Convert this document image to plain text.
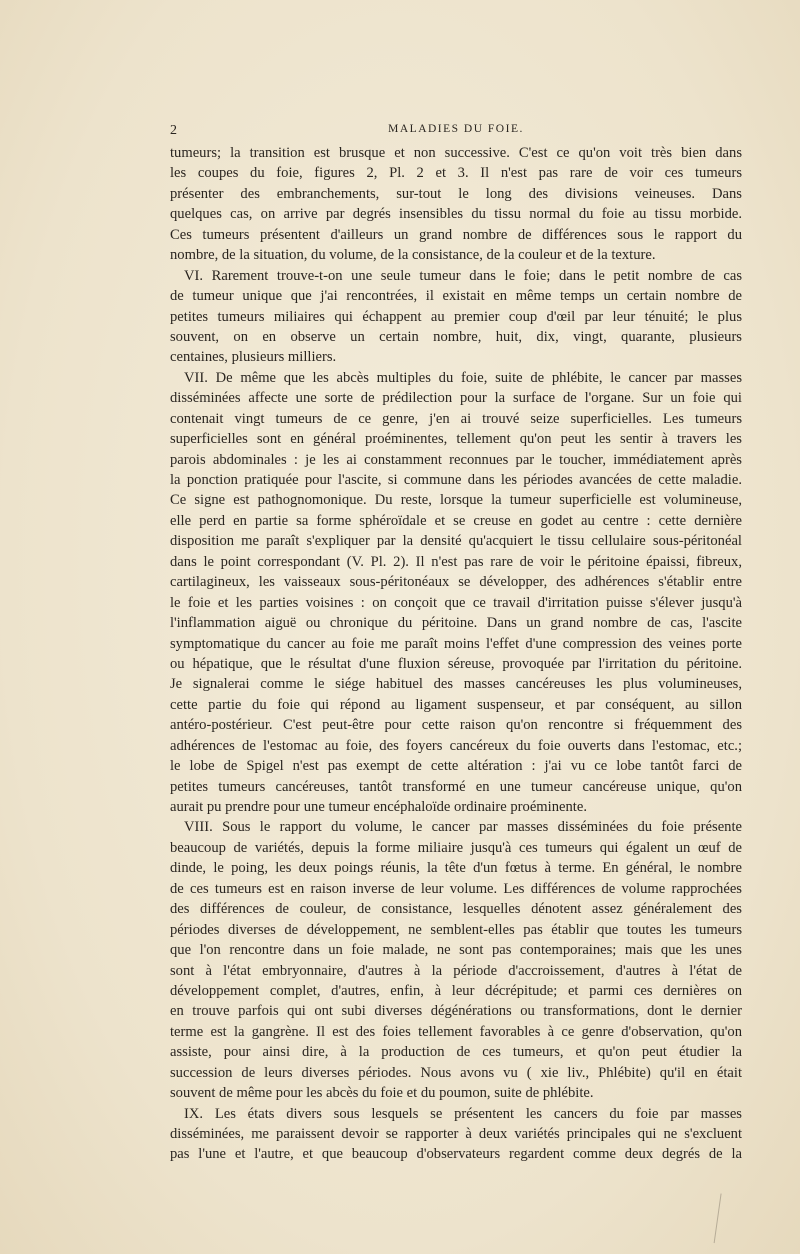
2	MALADIES DU FOIE.
tumeurs; la transition est brusque et non successive. C'est ce qu'on voit très bien dans
les coupes du foie, figures 2, Pl. 2 et 3. Il n'est pas rare de voir ces tumeurs
présenter des embranchements, sur-tout le long des divisions veineuses. Dans
quelques cas, on arrive par degrés insensibles du tissu normal du foie au tissu morbide.
Ces tumeurs présentent d'ailleurs un grand nombre de différences sous le rapport du
nombre, de la situation, du volume, de la consistance, de la couleur et de la texture.
VI. Rarement trouve-t-on une seule tumeur dans le foie; dans le petit nombre de cas
de tumeur unique que j'ai rencontrées, il existait en même temps un certain nombre de
petites tumeurs miliaires qui échappent au premier coup d'œil par leur ténuité; le plus
souvent, on en observe un certain nombre, huit, dix, vingt, quarante, plusieurs
centaines, plusieurs milliers.
VII. De même que les abcès multiples du foie, suite de phlébite, le cancer par masses
disséminées affecte une sorte de prédilection pour la surface de l'organe. Sur un foie qui
contenait vingt tumeurs de ce genre, j'en ai trouvé seize superficielles. Les tumeurs
superficielles sont en général proéminentes, tellement qu'on peut les sentir à travers les
parois abdominales : je les ai constamment reconnues par le toucher, immédiatement après
la ponction pratiquée pour l'ascite, si commune dans les périodes avancées de cette maladie.
Ce signe est pathognomonique. Du reste, lorsque la tumeur superficielle est volumineuse,
elle perd en partie sa forme sphéroïdale et se creuse en godet au centre : cette dernière
disposition me paraît s'expliquer par la densité qu'acquiert le tissu cellulaire sous-péritonéal
dans le point correspondant (V. Pl. 2). Il n'est pas rare de voir le péritoine épaissi, fibreux,
cartilagineux, les vaisseaux sous-péritonéaux se développer, des adhérences s'établir entre
le foie et les parties voisines : on conçoit que ce travail d'irritation puisse s'élever jusqu'à
l'inflammation aiguë ou chronique du péritoine. Dans un grand nombre de cas, l'ascite
symptomatique du cancer au foie me paraît moins l'effet d'une compression des veines porte
ou hépatique, que le résultat d'une fluxion séreuse, provoquée par l'irritation du péritoine.
Je signalerai comme le siége habituel des masses cancéreuses les plus volumineuses,
cette partie du foie qui répond au ligament suspenseur, et par conséquent, au sillon
antéro-postérieur. C'est peut-être pour cette raison qu'on rencontre si fréquemment des
adhérences de l'estomac au foie, des foyers cancéreux du foie ouverts dans l'estomac, etc.;
le lobe de Spigel n'est pas exempt de cette altération : j'ai vu ce lobe tantôt farci de
petites tumeurs cancéreuses, tantôt transformé en une tumeur cancéreuse unique, qu'on
aurait pu prendre pour une tumeur encéphaloïde ordinaire proéminente.
VIII. Sous le rapport du volume, le cancer par masses disséminées du foie présente
beaucoup de variétés, depuis la forme miliaire jusqu'à ces tumeurs qui égalent un œuf de
dinde, le poing, les deux poings réunis, la tête d'un fœtus à terme. En général, le nombre
de ces tumeurs est en raison inverse de leur volume. Les différences de volume rapprochées
des différences de couleur, de consistance, lesquelles dénotent assez généralement des
périodes diverses de développement, ne semblent-elles pas établir que toutes les tumeurs
que l'on rencontre dans un foie malade, ne sont pas contemporaines; mais que les unes
sont à l'état embryonnaire, d'autres à la période d'accroissement, d'autres à l'état de
développement complet, d'autres, enfin, à leur décrépitude; et parmi ces dernières on
en trouve parfois qui ont subi diverses dégénérations ou transformations, dont le dernier
terme est la gangrène. Il est des foies tellement favorables à ce genre d'observation, qu'on
assiste, pour ainsi dire, à la production de ces tumeurs, et qu'on peut étudier la
succession de leurs diverses périodes. Nous avons vu ( xie liv., Phlébite) qu'il en était
souvent de même pour les abcès du foie et du poumon, suite de phlébite.
IX. Les états divers sous lesquels se présentent les cancers du foie par masses
disséminées, me paraissent devoir se rapporter à deux variétés principales qui ne s'excluent
pas l'une et l'autre, et que beaucoup d'observateurs regardent comme deux degrés de la
